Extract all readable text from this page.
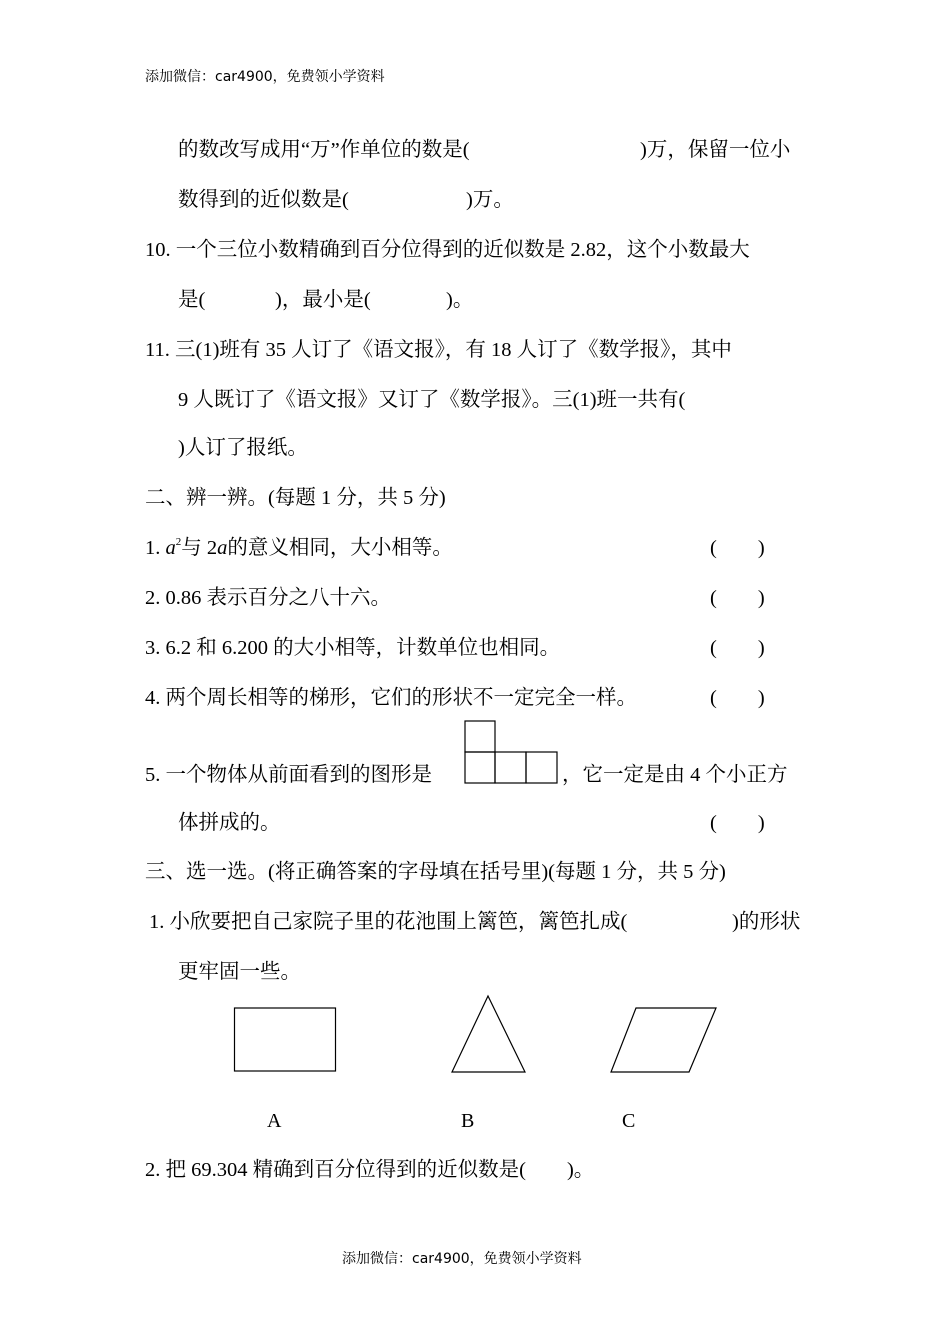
添加微信：car4900，免费领小学资料
的数改写成用“万”作单位的数是(	)万，保留一位小
数得到的近似数是(	)万。
10. 一个三位小数精确到百分位得到的近似数是 2.82，这个小数最大
是(	)，最小是(	)。
11. 三(1)班有 35 人订了《语文报》，有 18 人订了《数学报》，其中
9 人既订了《语文报》又订了《数学报》。三(1)班一共有(
)人订了报纸。
二、辨一辨。(每题 1 分，共 5 分)
1. $a^2$与 2a的意义相同，大小相等。	(        )
2. 0.86 表示百分之八十六。	(        )
3. 6.2 和 6.200 的大小相等，计数单位也相同。	(        )
4. 两个周长相等的梯形，它们的形状不一定完全一样。	(        )
5. 一个物体从前面看到的图形是	，它一定是由 4 个小正方
体拼成的。	(        )
三、选一选。(将正确答案的字母填在括号里)(每题 1 分，共 5 分)
1. 小欣要把自己家院子里的花池围上篱笆，篱笆扎成(	)的形状
更牢固一些。
A	B	C
2. 把 69.304 精确到百分位得到的近似数是(        )。
添加微信：car4900，免费领小学资料
